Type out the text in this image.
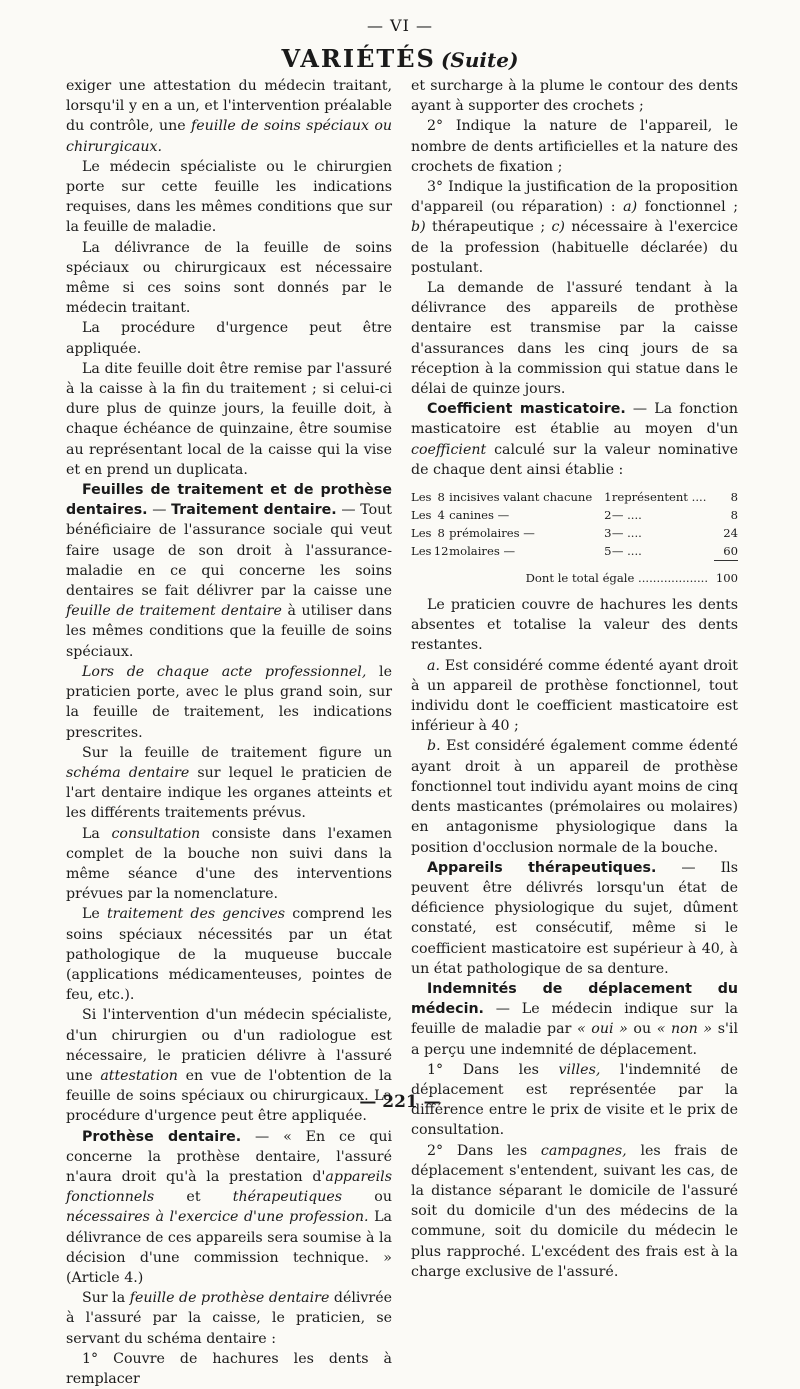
— VI —
VARIÉTÉS (Suite)

exiger une attestation du médecin traitant, lorsqu'il y en a un, et l'intervention préalable du contrôle, une feuille de soins spéciaux ou chirurgicaux.

Le médecin spécialiste ou le chirurgien porte sur cette feuille les indications requises, dans les mêmes conditions que sur la feuille de maladie.

La délivrance de la feuille de soins spéciaux ou chirurgicaux est nécessaire même si ces soins sont donnés par le médecin traitant.

La procédure d'urgence peut être appliquée.

La dite feuille doit être remise par l'assuré à la caisse à la fin du traitement ; si celui-ci dure plus de quinze jours, la feuille doit, à chaque échéance de quinzaine, être soumise au représentant local de la caisse qui la vise et en prend un duplicata.

Feuilles de traitement et de prothèse dentaires. — Traitement dentaire. — Tout bénéficiaire de l'assurance sociale qui veut faire usage de son droit à l'assurance-maladie en ce qui concerne les soins dentaires se fait délivrer par la caisse une feuille de traitement dentaire à utiliser dans les mêmes conditions que la feuille de soins spéciaux.

Lors de chaque acte professionnel, le praticien porte, avec le plus grand soin, sur la feuille de traitement, les indications prescrites.

Sur la feuille de traitement figure un schéma dentaire sur lequel le praticien de l'art dentaire indique les organes atteints et les différents traitements prévus.

La consultation consiste dans l'examen complet de la bouche non suivi dans la même séance d'une des interventions prévues par la nomenclature.

Le traitement des gencives comprend les soins spéciaux nécessités par un état pathologique de la muqueuse buccale (applications médicamenteuses, pointes de feu, etc.).

Si l'intervention d'un médecin spécialiste, d'un chirurgien ou d'un radiologue est nécessaire, le praticien délivre à l'assuré une attestation en vue de l'obtention de la feuille de soins spéciaux ou chirurgicaux. La procédure d'urgence peut être appliquée.

Prothèse dentaire. — « En ce qui concerne la prothèse dentaire, l'assuré n'aura droit qu'à la prestation d'appareils fonctionnels et thérapeutiques ou nécessaires à l'exercice d'une profession. La délivrance de ces appareils sera soumise à la décision d'une commission technique. » (Article 4.)

Sur la feuille de prothèse dentaire délivrée à l'assuré par la caisse, le praticien, se servant du schéma dentaire :

1° Couvre de hachures les dents à remplacer

et surcharge à la plume le contour des dents ayant à supporter des crochets ;

2° Indique la nature de l'appareil, le nombre de dents artificielles et la nature des crochets de fixation ;

3° Indique la justification de la proposition d'appareil (ou réparation) : a) fonctionnel ; b) thérapeutique ; c) nécessaire à l'exercice de la profession (habituelle déclarée) du postulant.

La demande de l'assuré tendant à la délivrance des appareils de prothèse dentaire est transmise par la caisse d'assurances dans les cinq jours de sa réception à la commission qui statue dans le délai de quinze jours.

Coefficient masticatoire. — La fonction masticatoire est établie au moyen d'un coefficient calculé sur la valeur nominative de chaque dent ainsi établie :

Les	8	incisives valant chacune	1	représentent ....	8
Les	4	canines —	2	— ....	8
Les	8	prémolaires —	3	— ....	24
Les	12	molaires —	5	— ....	60

Dont le total égale ...................					100

Le praticien couvre de hachures les dents absentes et totalise la valeur des dents restantes.

a. Est considéré comme édenté ayant droit à un appareil de prothèse fonctionnel, tout individu dont le coefficient masticatoire est inférieur à 40 ;

b. Est considéré également comme édenté ayant droit à un appareil de prothèse fonctionnel tout individu ayant moins de cinq dents masticantes (prémolaires ou molaires) en antagonisme physiologique dans la position d'occlusion normale de la bouche.

Appareils thérapeutiques. — Ils peuvent être délivrés lorsqu'un état de déficience physiologique du sujet, dûment constaté, est consécutif, même si le coefficient masticatoire est supérieur à 40, à un état pathologique de sa denture.

Indemnités de déplacement du médecin. — Le médecin indique sur la feuille de maladie par « oui » ou « non » s'il a perçu une indemnité de déplacement.

1° Dans les villes, l'indemnité de déplacement est représentée par la différence entre le prix de visite et le prix de consultation.

2° Dans les campagnes, les frais de déplacement s'entendent, suivant les cas, de la distance séparant le domicile de l'assuré soit du domicile d'un des médecins de la commune, soit du domicile du médecin le plus rapproché. L'excédent des frais est à la charge exclusive de l'assuré.

— 221 —
